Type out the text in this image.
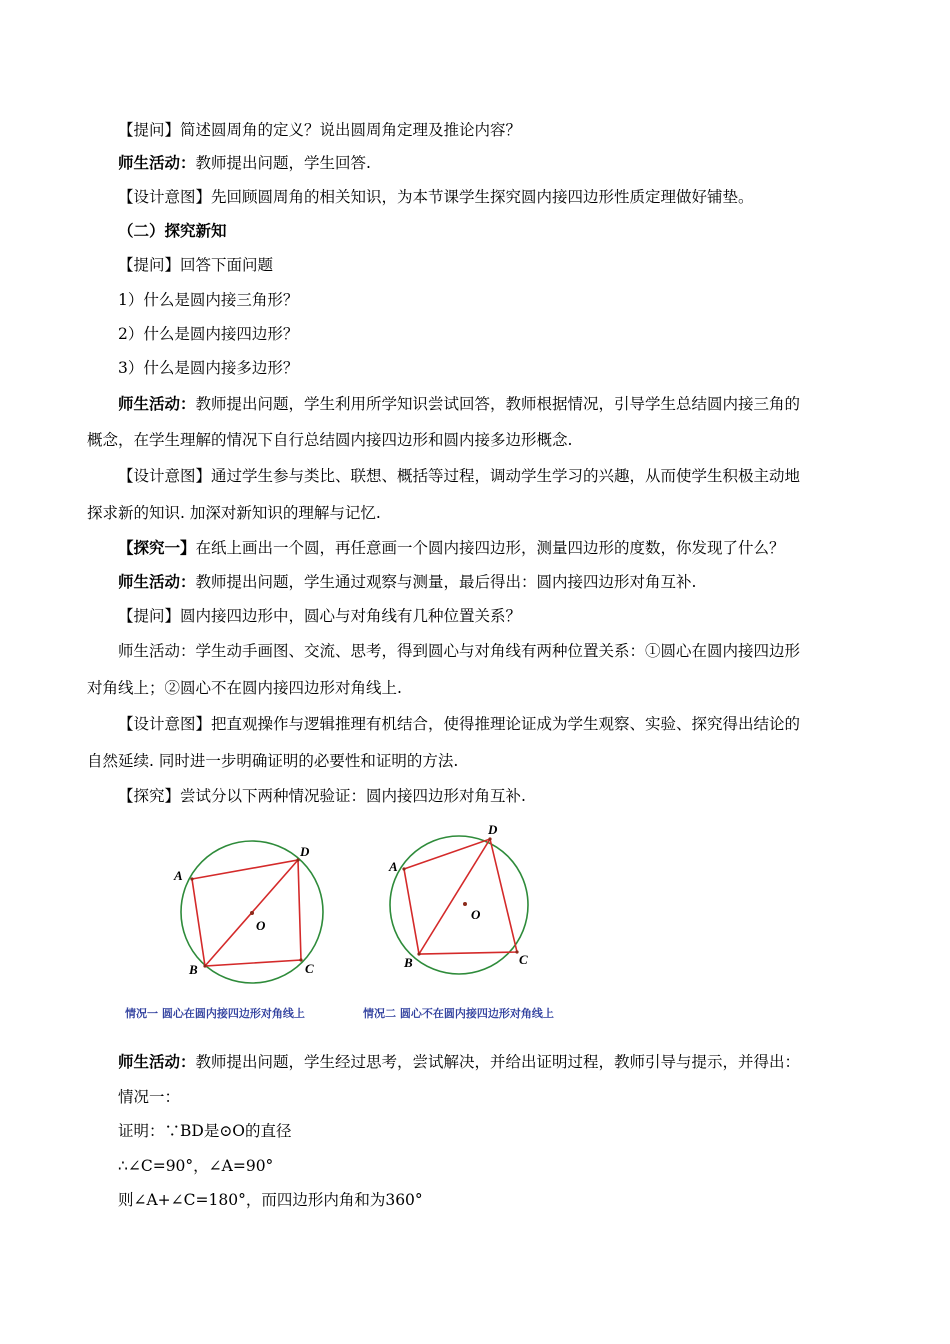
【提问】简述圆周角的定义？说出圆周角定理及推论内容？
师生活动：教师提出问题，学生回答.
【设计意图】先回顾圆周角的相关知识，为本节课学生探究圆内接四边形性质定理做好铺垫。
（二）探究新知
【提问】回答下面问题
1）什么是圆内接三角形？
2）什么是圆内接四边形？
3）什么是圆内接多边形？
师生活动：教师提出问题，学生利用所学知识尝试回答，教师根据情况，引导学生总结圆内接三角的
概念，在学生理解的情况下自行总结圆内接四边形和圆内接多边形概念.
【设计意图】通过学生参与类比、联想、概括等过程，调动学生学习的兴趣，从而使学生积极主动地
探求新的知识. 加深对新知识的理解与记忆.
【探究一】在纸上画出一个圆，再任意画一个圆内接四边形，测量四边形的度数，你发现了什么？
师生活动：教师提出问题，学生通过观察与测量，最后得出：圆内接四边形对角互补.
【提问】圆内接四边形中，圆心与对角线有几种位置关系？
师生活动：学生动手画图、交流、思考，得到圆心与对角线有两种位置关系：①圆心在圆内接四边形
对角线上；②圆心不在圆内接四边形对角线上.
【设计意图】把直观操作与逻辑推理有机结合，使得推理论证成为学生观察、实验、探究得出结论的
自然延续. 同时进一步明确证明的必要性和证明的方法.
【探究】尝试分以下两种情况验证：圆内接四边形对角互补.
A
D
O
B	C
A
D
O
B	C
情况一 圆心在圆内接四边形对角线上	情况二 圆心不在圆内接四边形对角线上
师生活动：教师提出问题，学生经过思考，尝试解决，并给出证明过程，教师引导与提示，并得出：
情况一：
证明：∵BD是⊙O的直径
∴∠C=90°，∠A=90°
则∠A+∠C=180°，而四边形内角和为360°
